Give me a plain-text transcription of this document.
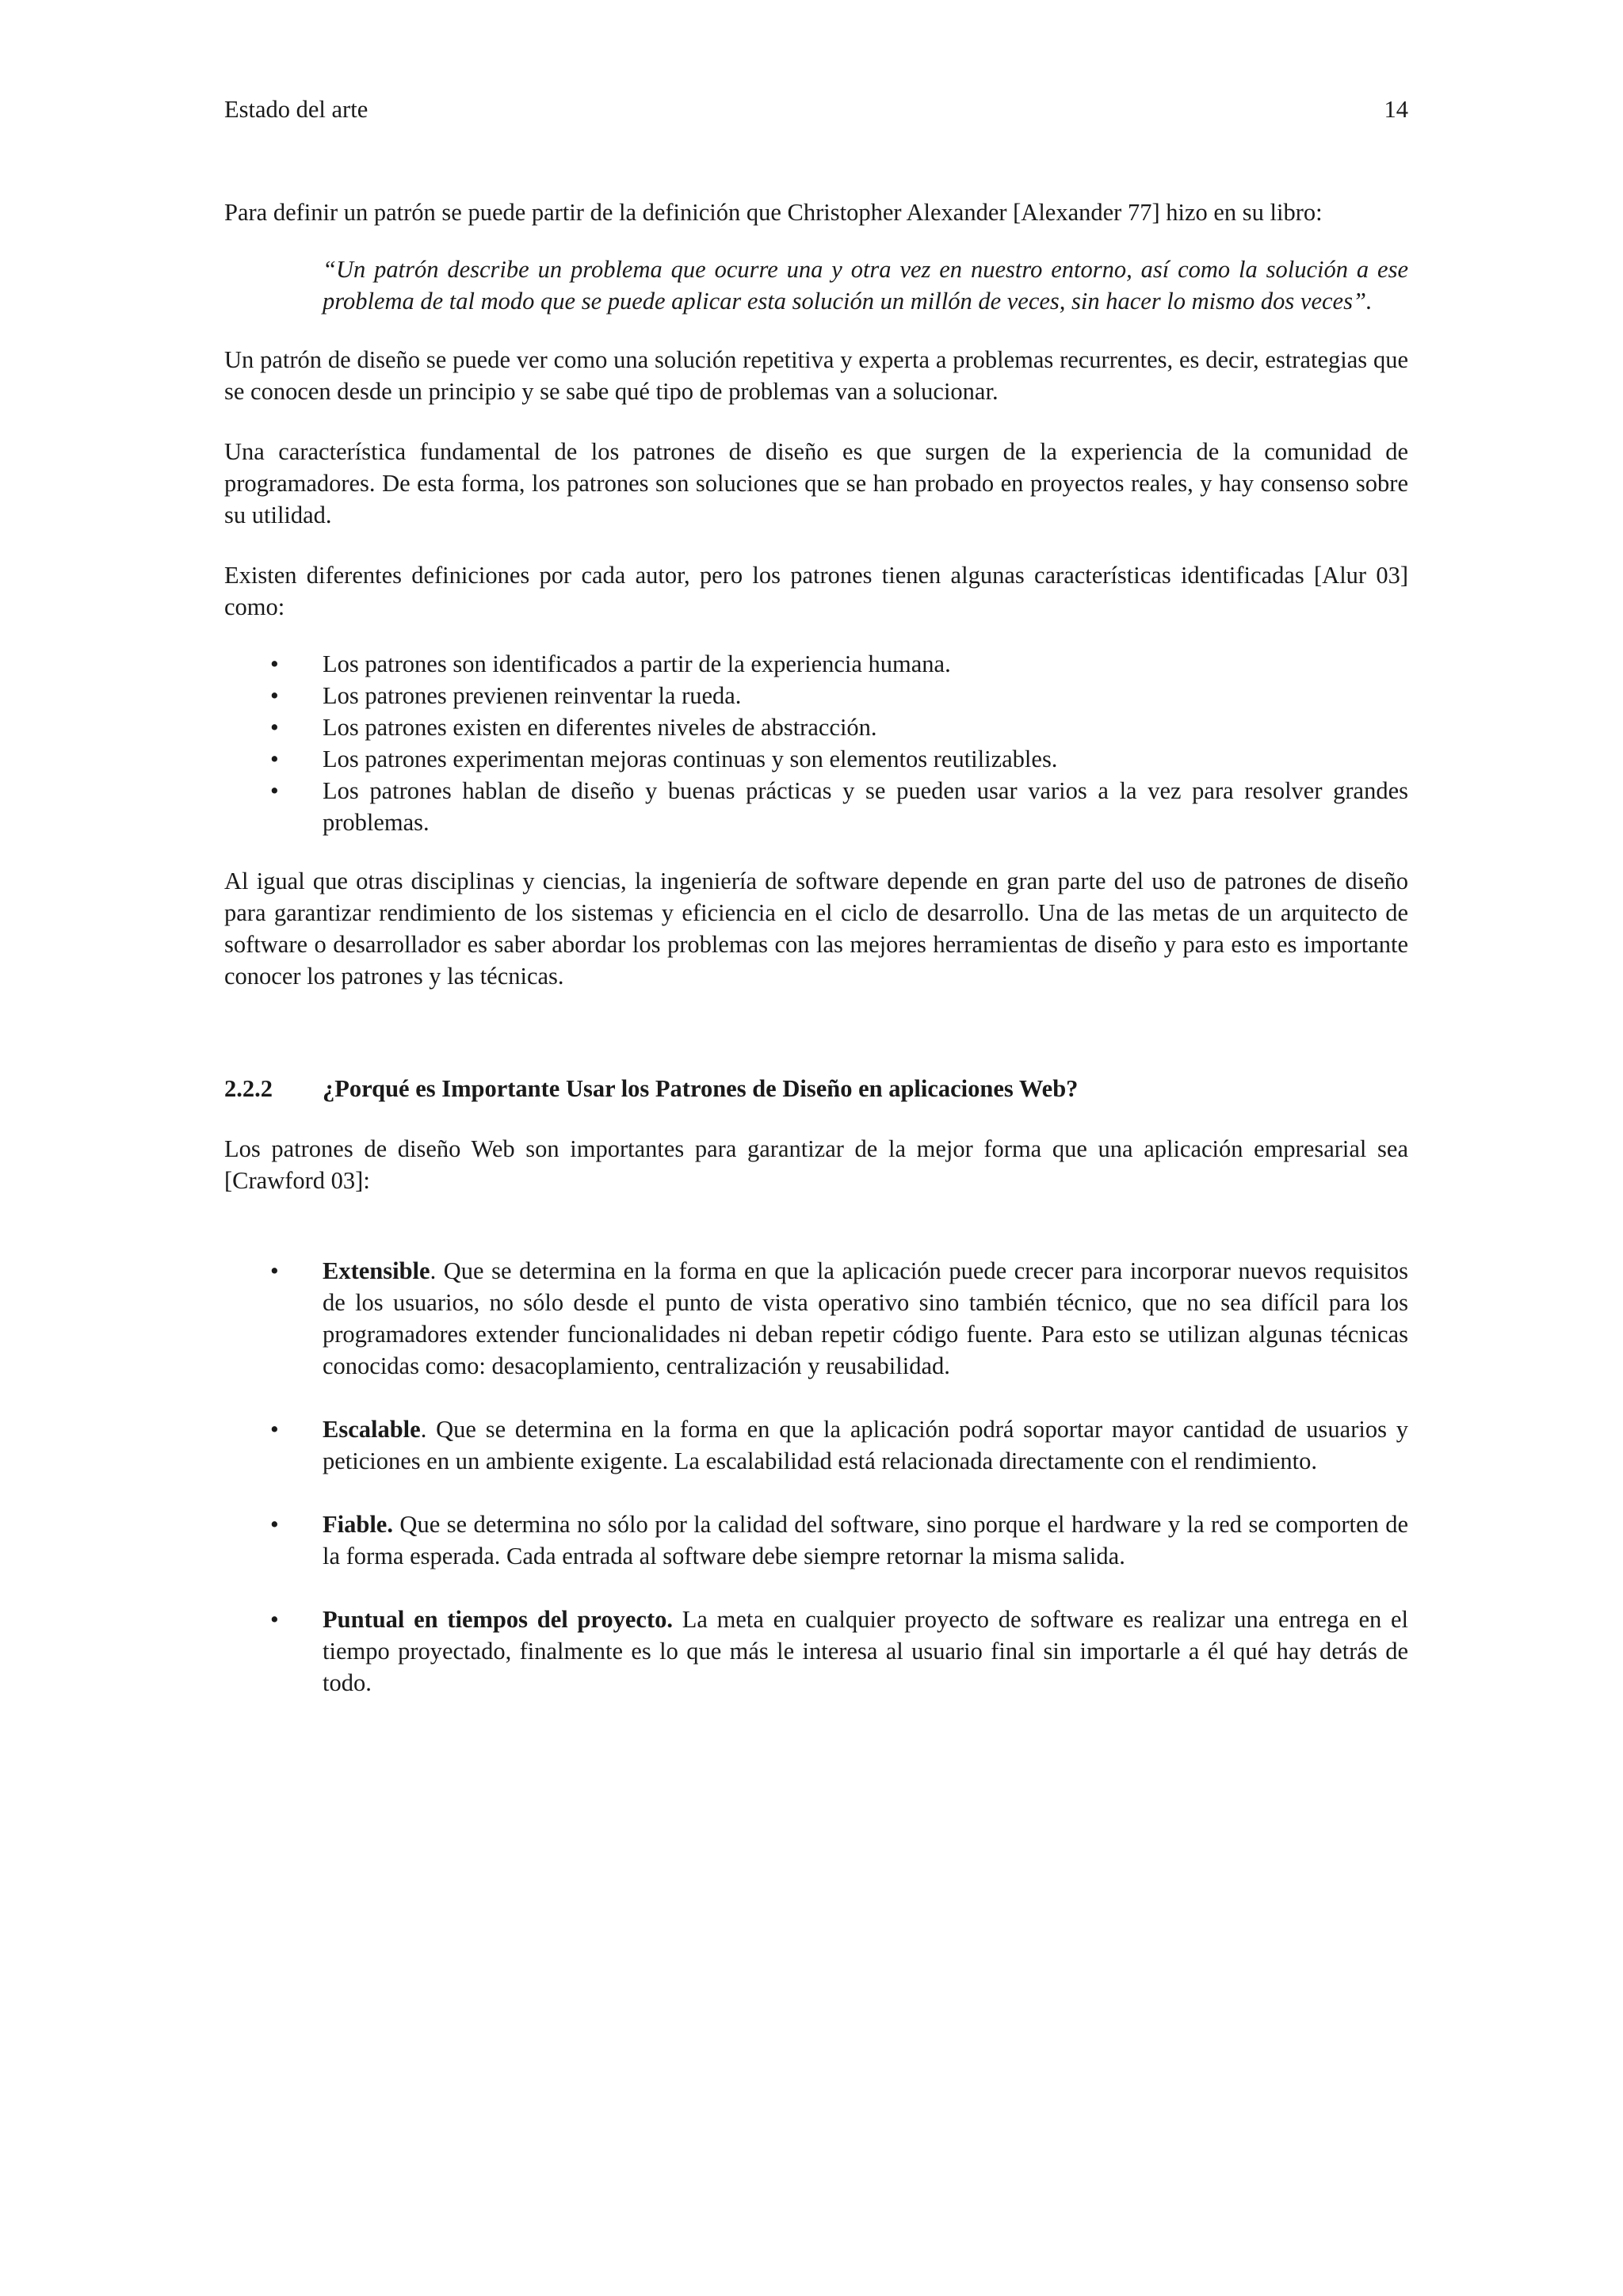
Estado del arte	14

Para definir un patrón se puede partir de la definición que Christopher Alexander [Alexander 77] hizo en su libro:

“Un patrón describe un problema que ocurre una y otra vez en nuestro entorno, así como la solución a ese problema de tal modo que se puede aplicar esta solución un millón de veces, sin hacer lo mismo dos veces”.

Un patrón de diseño se puede ver como una solución repetitiva y experta a problemas recurrentes, es decir, estrategias que se conocen desde un principio y se sabe qué tipo de problemas van a solucionar.

Una característica fundamental de los patrones de diseño es que surgen de la experiencia de la comunidad de programadores. De esta forma, los patrones son soluciones que se han probado en proyectos reales, y hay consenso sobre su utilidad.

Existen diferentes definiciones por cada autor, pero los patrones tienen algunas características identificadas [Alur 03] como:

• Los patrones son identificados a partir de la experiencia humana.
• Los patrones previenen reinventar la rueda.
• Los patrones existen en diferentes niveles de abstracción.
• Los patrones experimentan mejoras continuas y son elementos reutilizables.
• Los patrones hablan de diseño y buenas prácticas y se pueden usar varios a la vez para resolver grandes problemas.

Al igual que otras disciplinas y ciencias, la ingeniería de software depende en gran parte del uso de patrones de diseño para garantizar rendimiento de los sistemas y eficiencia en el ciclo de desarrollo. Una de las metas de un arquitecto de software o desarrollador es saber abordar los problemas con las mejores herramientas de diseño y para esto es importante conocer los patrones y las técnicas.

2.2.2	¿Porqué es Importante Usar los Patrones de Diseño en aplicaciones Web?

Los patrones de diseño Web son importantes para garantizar de la mejor forma que una aplicación empresarial sea [Crawford 03]:

• Extensible. Que se determina en la forma en que la aplicación puede crecer para incorporar nuevos requisitos de los usuarios, no sólo desde el punto de vista operativo sino también técnico, que no sea difícil para los programadores extender funcionalidades ni deban repetir código fuente. Para esto se utilizan algunas técnicas conocidas como: desacoplamiento, centralización y reusabilidad.
• Escalable. Que se determina en la forma en que la aplicación podrá soportar mayor cantidad de usuarios y peticiones en un ambiente exigente. La escalabilidad está relacionada directamente con el rendimiento.
• Fiable. Que se determina no sólo por la calidad del software, sino porque el hardware y la red se comporten de la forma esperada. Cada entrada al software debe siempre retornar la misma salida.
• Puntual en tiempos del proyecto. La meta en cualquier proyecto de software es realizar una entrega en el tiempo proyectado, finalmente es lo que más le interesa al usuario final sin importarle a él qué hay detrás de todo.
